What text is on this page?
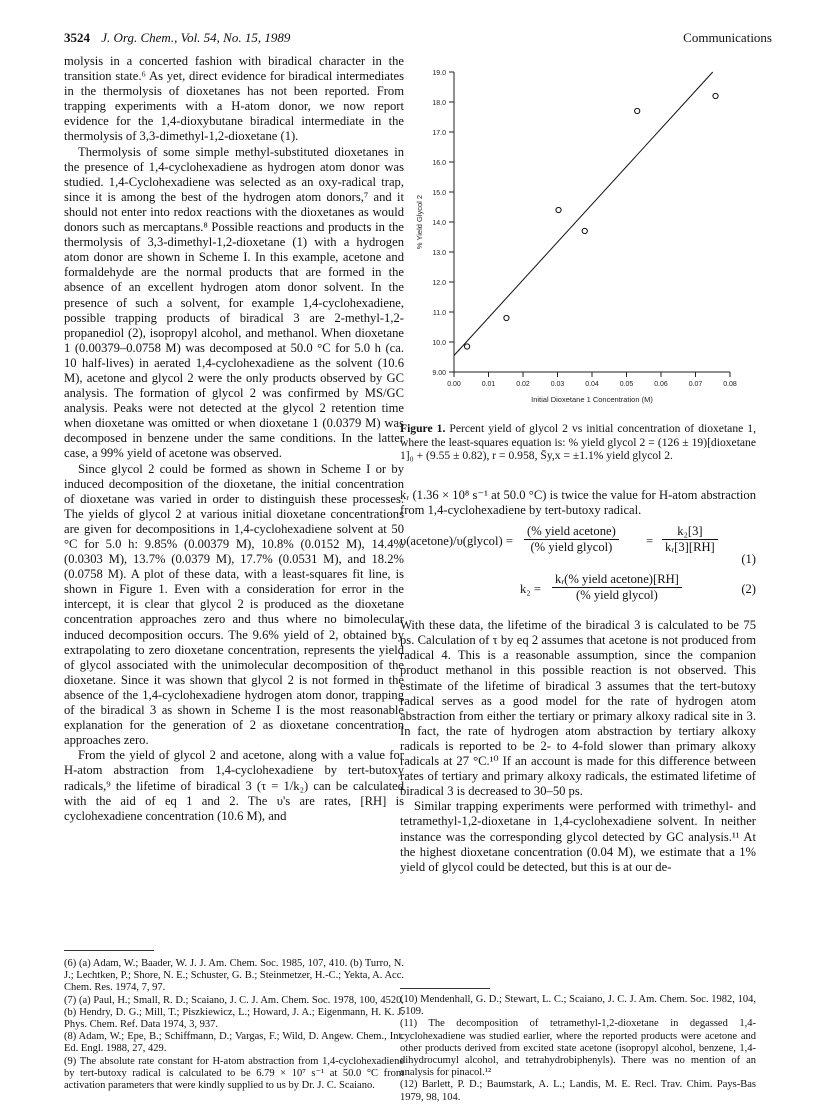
3524 J. Org. Chem., Vol. 54, No. 15, 1989	Communications

molysis in a concerted fashion with biradical character in the transition state.⁶ As yet, direct evidence for biradical intermediates in the thermolysis of dioxetanes has not been reported. From trapping experiments with a H-atom donor, we now report evidence for the 1,4-dioxybutane biradical intermediate in the thermolysis of 3,3-dimethyl-1,2-dioxetane (1).

Thermolysis of some simple methyl-substituted dioxetanes in the presence of 1,4-cyclohexadiene as hydrogen atom donor was studied. 1,4-Cyclohexadiene was selected as an oxy-radical trap, since it is among the best of the hydrogen atom donors,⁷ and it should not enter into redox reactions with the dioxetanes as would donors such as mercaptans.⁸ Possible reactions and products in the thermolysis of 3,3-dimethyl-1,2-dioxetane (1) with a hydrogen atom donor are shown in Scheme I. In this example, acetone and formaldehyde are the normal products that are formed in the absence of an excellent hydrogen atom donor solvent. In the presence of such a solvent, for example 1,4-cyclohexadiene, possible trapping products of biradical 3 are 2-methyl-1,2-propanediol (2), isopropyl alcohol, and methanol. When dioxetane 1 (0.00379–0.0758 M) was decomposed at 50.0 °C for 5.0 h (ca. 10 half-lives) in aerated 1,4-cyclohexadiene as the solvent (10.6 M), acetone and glycol 2 were the only products observed by GC analysis. The formation of glycol 2 was confirmed by MS/GC analysis. Peaks were not detected at the glycol 2 retention time when dioxetane was omitted or when dioxetane 1 (0.0379 M) was decomposed in benzene under the same conditions. In the latter case, a 99% yield of acetone was observed.

Since glycol 2 could be formed as shown in Scheme I or by induced decomposition of the dioxetane, the initial concentration of dioxetane was varied in order to distinguish these processes. The yields of glycol 2 at various initial dioxetane concentrations are given for decompositions in 1,4-cyclohexadiene solvent at 50 °C for 5.0 h: 9.85% (0.00379 M), 10.8% (0.0152 M), 14.4% (0.0303 M), 13.7% (0.0379 M), 17.7% (0.0531 M), and 18.2% (0.0758 M). A plot of these data, with a least-squares fit line, is shown in Figure 1. Even with a consideration for error in the intercept, it is clear that glycol 2 is produced as the dioxetane concentration approaches zero and thus where no bimolecular induced decomposition occurs. The 9.6% yield of 2, obtained by extrapolating to zero dioxetane concentration, represents the yield of glycol associated with the unimolecular decomposition of the dioxetane. Since it was shown that glycol 2 is not formed in the absence of the 1,4-cyclohexadiene hydrogen atom donor, trapping of the biradical 3 as shown in Scheme I is the most reasonable explanation for the generation of 2 as dioxetane concentration approaches zero.

From the yield of glycol 2 and acetone, along with a value for H-atom abstraction from 1,4-cyclohexadiene by tert-butoxy radicals,⁹ the lifetime of biradical 3 (τ = 1/k₂) can be calculated with the aid of eq 1 and 2. The υ's are rates, [RH] is cyclohexadiene concentration (10.6 M), and

(6) (a) Adam, W.; Baader, W. J. J. Am. Chem. Soc. 1985, 107, 410. (b) Turro, N. J.; Lechtken, P.; Shore, N. E.; Schuster, G. B.; Steinmetzer, H.-C.; Yekta, A. Acc. Chem. Res. 1974, 7, 97.

(7) (a) Paul, H.; Small, R. D.; Scaiano, J. C. J. Am. Chem. Soc. 1978, 100, 4520. (b) Hendry, D. G.; Mill, T.; Piszkiewicz, L.; Howard, J. A.; Eigenmann, H. K. J. Phys. Chem. Ref. Data 1974, 3, 937.

(8) Adam, W.; Epe, B.; Schiffmann, D.; Vargas, F.; Wild, D. Angew. Chem., Int. Ed. Engl. 1988, 27, 429.

(9) The absolute rate constant for H-atom abstraction from 1,4-cyclohexadiene by tert-butoxy radical is calculated to be 6.79 × 10⁷ s⁻¹ at 50.0 °C from activation parameters that were kindly supplied to us by Dr. J. C. Scaiano.

9.00
10.0
11.0
12.0
13.0
14.0
15.0
16.0
17.0
18.0
19.0
0.00	0.01	0.02	0.03	0.04	0.05	0.06	0.07	0.08
Initial Dioxetane 1 Concentration (M)
% Yield Glycol 2
Figure 1. Percent yield of glycol 2 vs initial concentration of dioxetane 1, where the least-squares equation is: % yield glycol 2 = (126 ± 19)[dioxetane 1]₀ + (9.55 ± 0.82), r = 0.958, S̄y,x = ±1.1% yield glycol 2.

kᵣ (1.36 × 10⁸ s⁻¹ at 50.0 °C) is twice the value for H-atom abstraction from 1,4-cyclohexadiene by tert-butoxy radical.

υ(acetone)/υ(glycol) =
(% yield acetone)
(% yield glycol)	= $\frac{\text{k₂[3]}}{\text{kᵣ[3][RH]}}$
(1)
k₂ =
kᵣ(% yield acetone)[RH]
(% yield glycol)	(2)

With these data, the lifetime of the biradical 3 is calculated to be 75 ps. Calculation of τ by eq 2 assumes that acetone is not produced from radical 4. This is a reasonable assumption, since the companion product methanol in this possible reaction is not observed. This estimate of the lifetime of biradical 3 assumes that the tert-butoxy radical serves as a good model for the rate of hydrogen atom abstraction from either the tertiary or primary alkoxy radical site in 3. In fact, the rate of hydrogen atom abstraction by tertiary alkoxy radicals is reported to be 2- to 4-fold slower than primary alkoxy radicals at 27 °C.¹⁰ If an account is made for this difference between rates of tertiary and primary alkoxy radicals, the estimated lifetime of biradical 3 is decreased to 30–50 ps.

Similar trapping experiments were performed with trimethyl- and tetramethyl-1,2-dioxetane in 1,4-cyclohexadiene solvent. In neither instance was the corresponding glycol detected by GC analysis.¹¹ At the highest dioxetane concentration (0.04 M), we estimate that a 1% yield of glycol could be detected, but this is at our de-

(10) Mendenhall, G. D.; Stewart, L. C.; Scaiano, J. C. J. Am. Chem. Soc. 1982, 104, 5109.

(11) The decomposition of tetramethyl-1,2-dioxetane in degassed 1,4-cyclohexadiene was studied earlier, where the reported products were acetone and other products derived from excited state acetone (isopropyl alcohol, benzene, 1,4-dihydrocumyl alcohol, and tetrahydrobiphenyls). There was no mention of an analysis for pinacol.¹²

(12) Barlett, P. D.; Baumstark, A. L.; Landis, M. E. Recl. Trav. Chim. Pays-Bas 1979, 98, 104.
